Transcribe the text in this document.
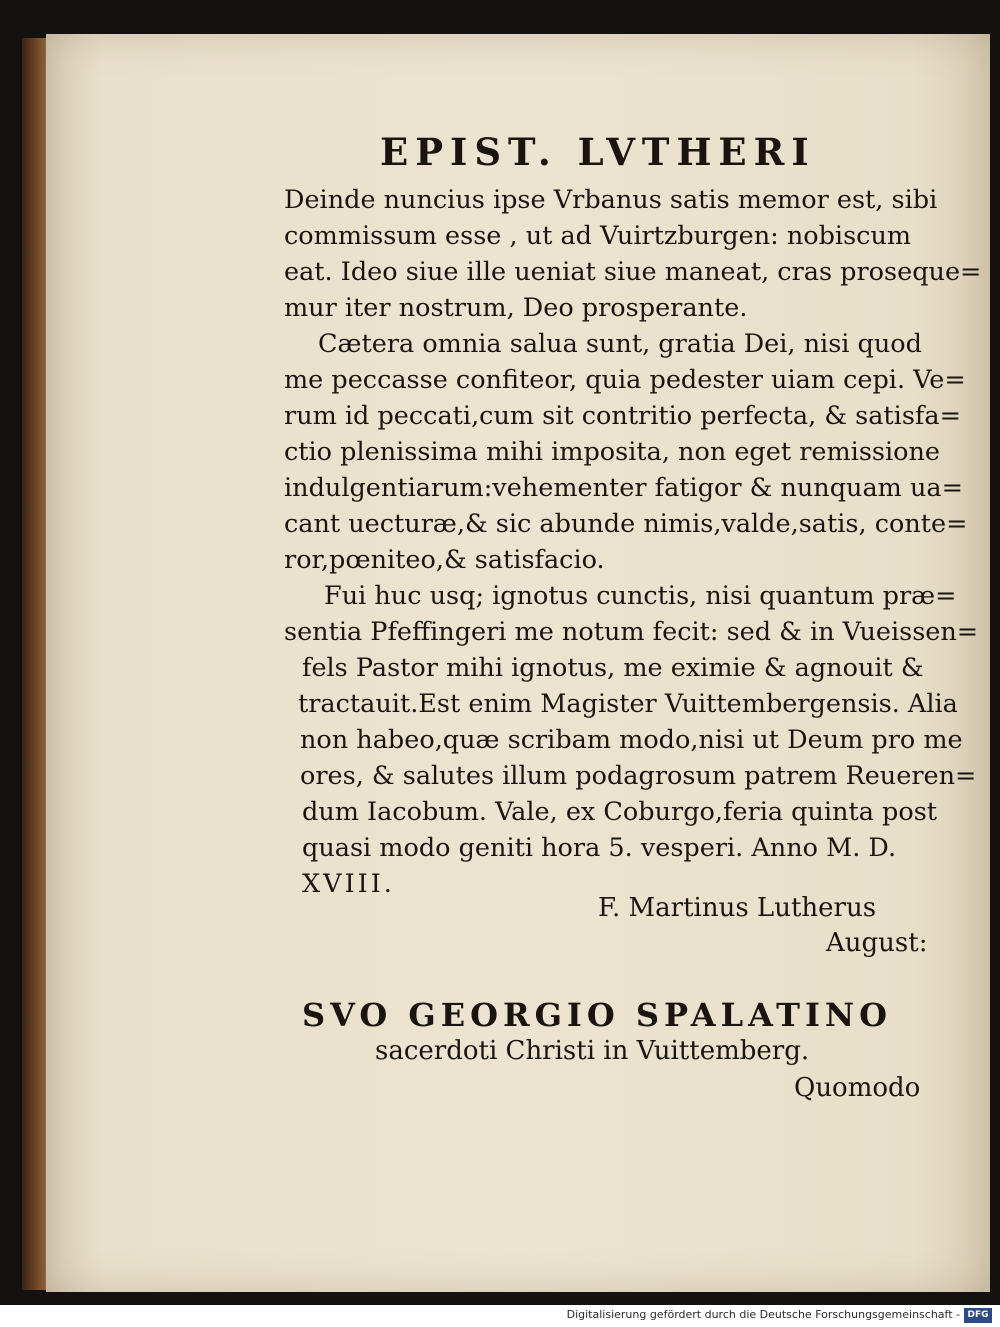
EPIST. LVTHERI
Deinde nuncius ipse Vrbanus satis memor est, sibi
commissum esse , ut ad Vuirtzburgen: nobiscum
eat. Ideo siue ille ueniat siue maneat, cras proseque=
mur iter nostrum, Deo prosperante.
Cætera omnia salua sunt, gratia Dei, nisi quod
me peccasse confiteor, quia pedester uiam cepi. Ve=
rum id peccati,cum sit contritio perfecta, & satisfa=
ctio plenissima mihi imposita, non eget remissione
indulgentiarum:vehementer fatigor & nunquam ua=
cant uecturæ,& sic abunde nimis,valde,satis, conte=
ror,pœniteo,& satisfacio.
Fui huc usq; ignotus cunctis, nisi quantum præ=
sentia Pfeffingeri me notum fecit: sed & in Vueissen=
fels Pastor mihi ignotus, me eximie & agnouit &
tractauit.Est enim Magister Vuittembergensis. Alia
non habeo,quæ scribam modo,nisi ut Deum pro me
ores, & salutes illum podagrosum patrem Reueren=
dum Iacobum. Vale, ex Coburgo,feria quinta post
quasi modo geniti hora 5. vesperi. Anno M. D.
XVIII.
F. Martinus Lutherus
August:
SVO GEORGIO SPALATINO
sacerdoti Christi in Vuittemberg.
Quomodo
Digitalisierung gefördert durch die Deutsche Forschungsgemeinschaft - DFG
